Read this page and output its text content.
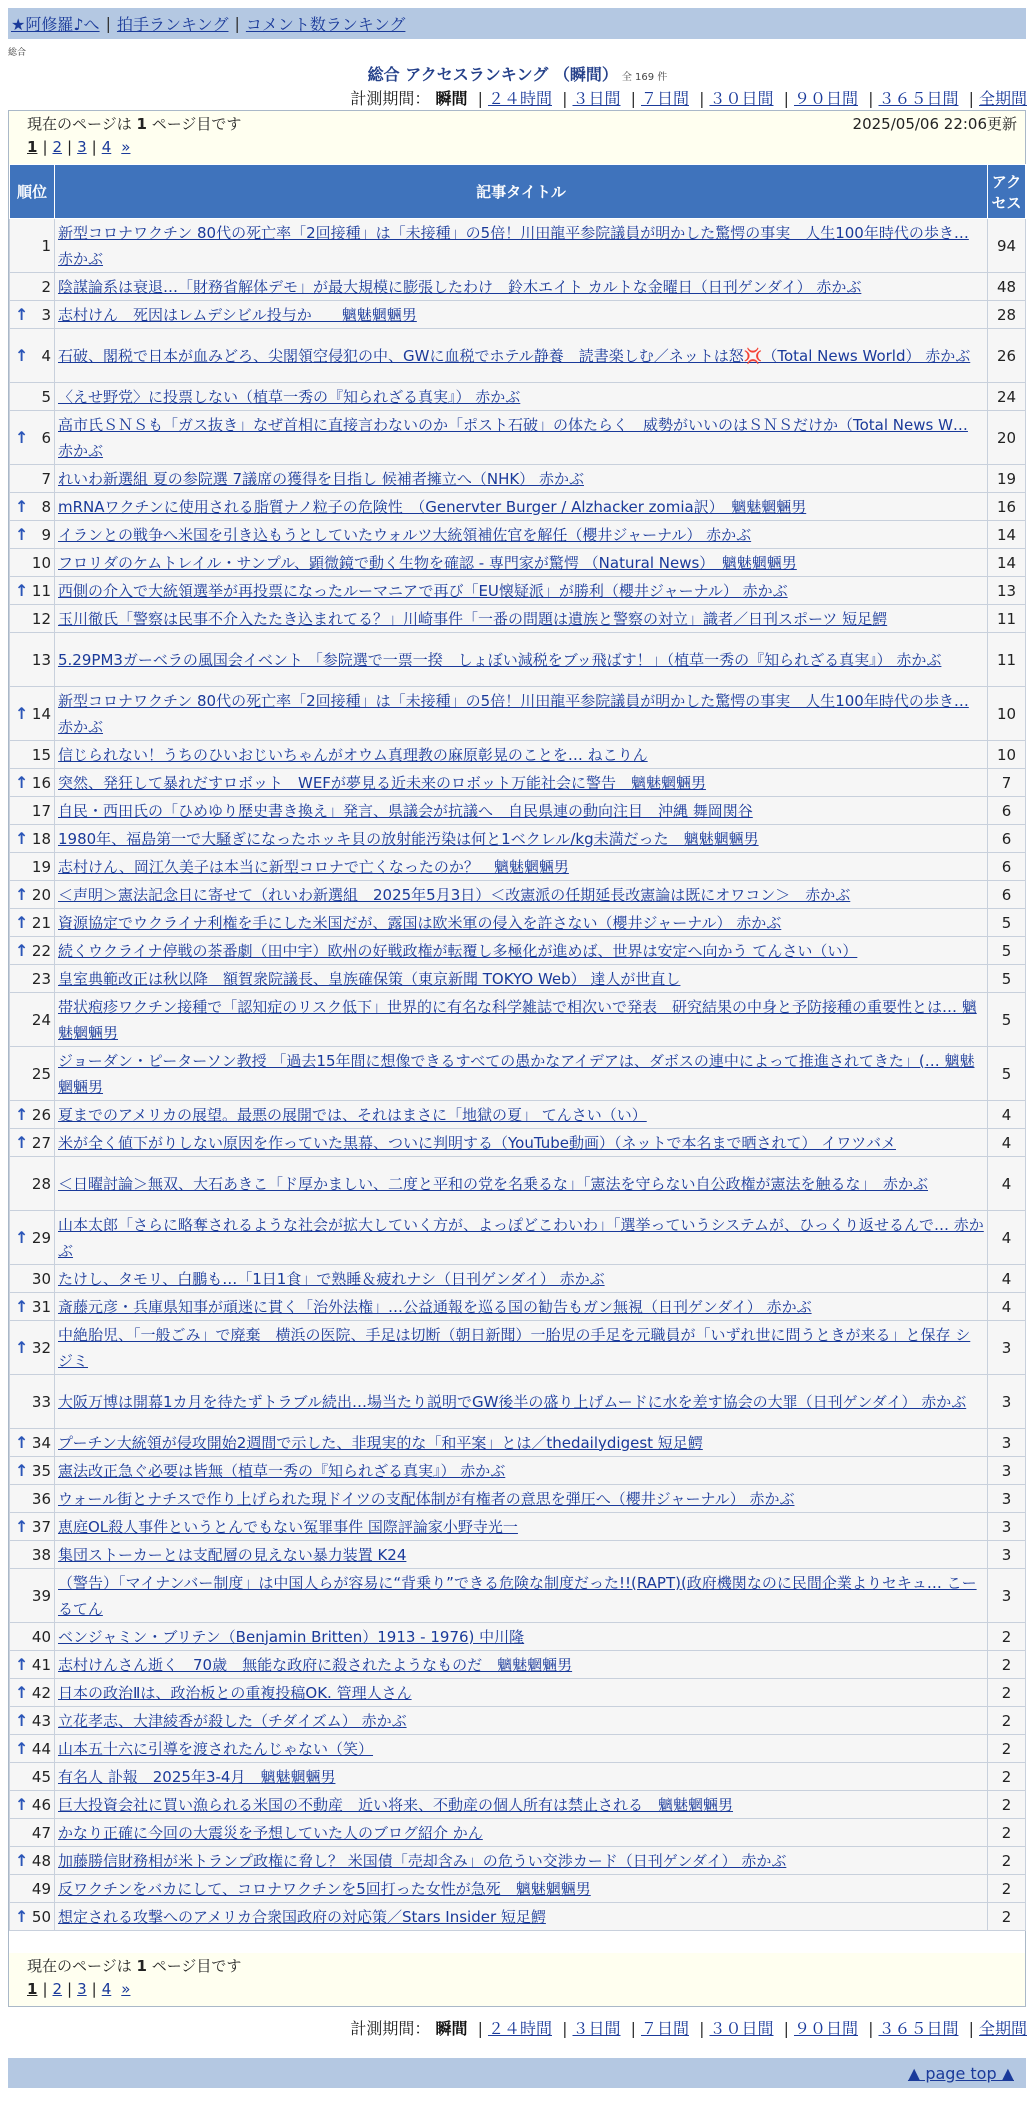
★阿修羅♪へ | 拍手ランキング | コメント数ランキング
総合
総合 アクセスランキング （瞬間） 全 169 件
計測期間： 瞬間 | ２４時間 | ３日間 | ７日間 | ３０日間 | ９０日間 | ３６５日間 | 全期間
現在のページは 1 ページ目です	2025/05/06 22:06更新
1 | 2 | 3 | 4 »
順位	記事タイトル	アクセス
1	新型コロナワクチン 80代の死亡率「2回接種」は「未接種」の5倍！川田龍平参院議員が明かした驚愕の事実　人生100年時代の歩き… 赤かぶ	94
2	陰謀論系は衰退…「財務省解体デモ」が最大規模に膨張したわけ　鈴木エイト カルトな金曜日（日刊ゲンダイ） 赤かぶ	48

↑ 3	志村けん　死因はレムデシビル投与か　　魑魅魍魎男	28

↑ 4	石破、閣税で日本が血みどろ、尖閣領空侵犯の中、GWに血税でホテル静養　読書楽しむ／ネットは怒💢（Total News World） 赤かぶ	26
5	〈えせ野党〉に投票しない（植草一秀の『知られざる真実』） 赤かぶ	24

↑ 6	高市氏ＳＮＳも「ガス抜き」なぜ首相に直接言わないのか「ポスト石破」の体たらく　威勢がいいのはＳＮＳだけか（Total News W… 赤かぶ	20
7	れいわ新選組 夏の参院選 7議席の獲得を目指し 候補者擁立へ（NHK） 赤かぶ	19

↑ 8	mRNAワクチンに使用される脂質ナノ粒子の危険性　（Genervter Burger / Alzhacker zomia訳）　魑魅魍魎男	16

↑ 9	イランとの戦争へ米国を引き込もうとしていたウォルツ大統領補佐官を解任（櫻井ジャーナル） 赤かぶ	14
10	フロリダのケムトレイル・サンプル、顕微鏡で動く生物を確認 - 専門家が驚愕 （Natural News）　魑魅魍魎男	14

↑ 11	西側の介入で大統領選挙が再投票になったルーマニアで再び「EU懐疑派」が勝利（櫻井ジャーナル） 赤かぶ	13
12	玉川徹氏「警察は民事不介入たたき込まれてる？」川崎事件「一番の問題は遺族と警察の対立」識者／日刊スポーツ 短足鰐	11
13	5.29PM3ガーベラの風国会イベント 「参院選で一票一揆　しょぼい減税をブッ飛ばす！」（植草一秀の『知られざる真実』） 赤かぶ	11

↑ 14	新型コロナワクチン 80代の死亡率「2回接種」は「未接種」の5倍！川田龍平参院議員が明かした驚愕の事実　人生100年時代の歩き… 赤かぶ	10
15	信じられない！うちのひいおじいちゃんがオウム真理教の麻原彰晃のことを… ねこりん	10

↑ 16	突然、発狂して暴れだすロボット　WEFが夢見る近未来のロボット万能社会に警告　魑魅魍魎男	7
17	自民・西田氏の「ひめゆり歴史書き換え」発言、県議会が抗議へ　自民県連の動向注目　沖縄 舞岡関谷	6

↑ 18	1980年、福島第一で大騒ぎになったホッキ貝の放射能汚染は何と1ベクレル/kg未満だった　魑魅魍魎男	6
19	志村けん、岡江久美子は本当に新型コロナで亡くなったのか？　魑魅魍魎男	6

↑ 20	＜声明＞憲法記念日に寄せて（れいわ新選組　2025年5月3日）＜改憲派の任期延長改憲論は既にオワコン＞　赤かぶ	6

↑ 21	資源協定でウクライナ利権を手にした米国だが、露国は欧米軍の侵入を許さない（櫻井ジャーナル） 赤かぶ	5

↑ 22	続くウクライナ停戦の茶番劇（田中宇）欧州の好戦政権が転覆し多極化が進めば、世界は安定へ向かう てんさい（い）	5
23	皇室典範改正は秋以降　額賀衆院議長、皇族確保策（東京新聞 TOKYO Web） 達人が世直し	5
24	帯状疱疹ワクチン接種で「認知症のリスク低下」世界的に有名な科学雑誌で相次いで発表　研究結果の中身と予防接種の重要性とは… 魑魅魍魎男	5
25	ジョーダン・ピーターソン教授 「過去15年間に想像できるすべての愚かなアイデアは、ダボスの連中によって推進されてきた」(… 魑魅魍魎男	5

↑ 26	夏までのアメリカの展望。最悪の展開では、それはまさに「地獄の夏」 てんさい（い）	4

↑ 27	米が全く値下がりしない原因を作っていた黒幕、ついに判明する（YouTube動画）（ネットで本名まで晒されて） イワツバメ	4
28	＜日曜討論＞無双、大石あきこ「ド厚かましい、二度と平和の党を名乗るな」「憲法を守らない自公政権が憲法を触るな」　赤かぶ	4

↑ 29	山本太郎「さらに略奪されるような社会が拡大していく方が、よっぽどこわいわ」「選挙っていうシステムが、ひっくり返せるんで… 赤かぶ	4
30	たけし、タモリ、白鵬も…「1日1食」で熟睡＆疲れナシ（日刊ゲンダイ） 赤かぶ	4

↑ 31	斎藤元彦・兵庫県知事が頑迷に貫く「治外法権」…公益通報を巡る国の勧告もガン無視（日刊ゲンダイ） 赤かぶ	4

↑ 32	中絶胎児、「一般ごみ」で廃棄　横浜の医院、手足は切断（朝日新聞）一胎児の手足を元職員が「いずれ世に問うときが来る」と保存 シジミ	3
33	大阪万博は開幕1カ月を待たずトラブル続出…場当たり説明でGW後半の盛り上げムードに水を差す協会の大罪（日刊ゲンダイ） 赤かぶ	3

↑ 34	プーチン大統領が侵攻開始2週間で示した、非現実的な「和平案」とは／thedailydigest 短足鰐	3

↑ 35	憲法改正急ぐ必要は皆無（植草一秀の『知られざる真実』） 赤かぶ	3
36	ウォール街とナチスで作り上げられた現ドイツの支配体制が有権者の意思を弾圧へ（櫻井ジャーナル） 赤かぶ	3

↑ 37	恵庭OL殺人事件というとんでもない冤罪事件 国際評論家小野寺光一	3
38	集団ストーカーとは支配層の見えない暴力装置 K24	3
39	（警告）「マイナンバー制度」は中国人らが容易に“背乗り”できる危険な制度だった!!(RAPT)(政府機関なのに民間企業よりセキュ… こーるてん	3
40	ベンジャミン・ブリテン（Benjamin Britten）1913 - 1976) 中川隆	2

↑ 41	志村けんさん逝く　70歳　無能な政府に殺されたようなものだ　魑魅魍魎男	2

↑ 42	日本の政治Ⅱは、政治板との重複投稿OK. 管理人さん	2

↑ 43	立花孝志、大津綾香が殺した（チダイズム） 赤かぶ	2

↑ 44	山本五十六に引導を渡されたんじゃない（笑）	2
45	有名人 訃報　2025年3-4月　魑魅魍魎男	2

↑ 46	巨大投資会社に買い漁られる米国の不動産　近い将来、不動産の個人所有は禁止される　魑魅魍魎男	2
47	かなり正確に今回の大震災を予想していた人のブログ紹介 かん	2

↑ 48	加藤勝信財務相が米トランプ政権に脅し？ 米国債「売却含み」の危うい交渉カード（日刊ゲンダイ） 赤かぶ	2
49	反ワクチンをバカにして、コロナワクチンを5回打った女性が急死　魑魅魍魎男	2

↑ 50	想定される攻撃へのアメリカ合衆国政府の対応策／Stars Insider 短足鰐	2
現在のページは 1 ページ目です
1 | 2 | 3 | 4 »
計測期間： 瞬間 | ２４時間 | ３日間 | ７日間 | ３０日間 | ９０日間 | ３６５日間 | 全期間
▲ page top ▲
